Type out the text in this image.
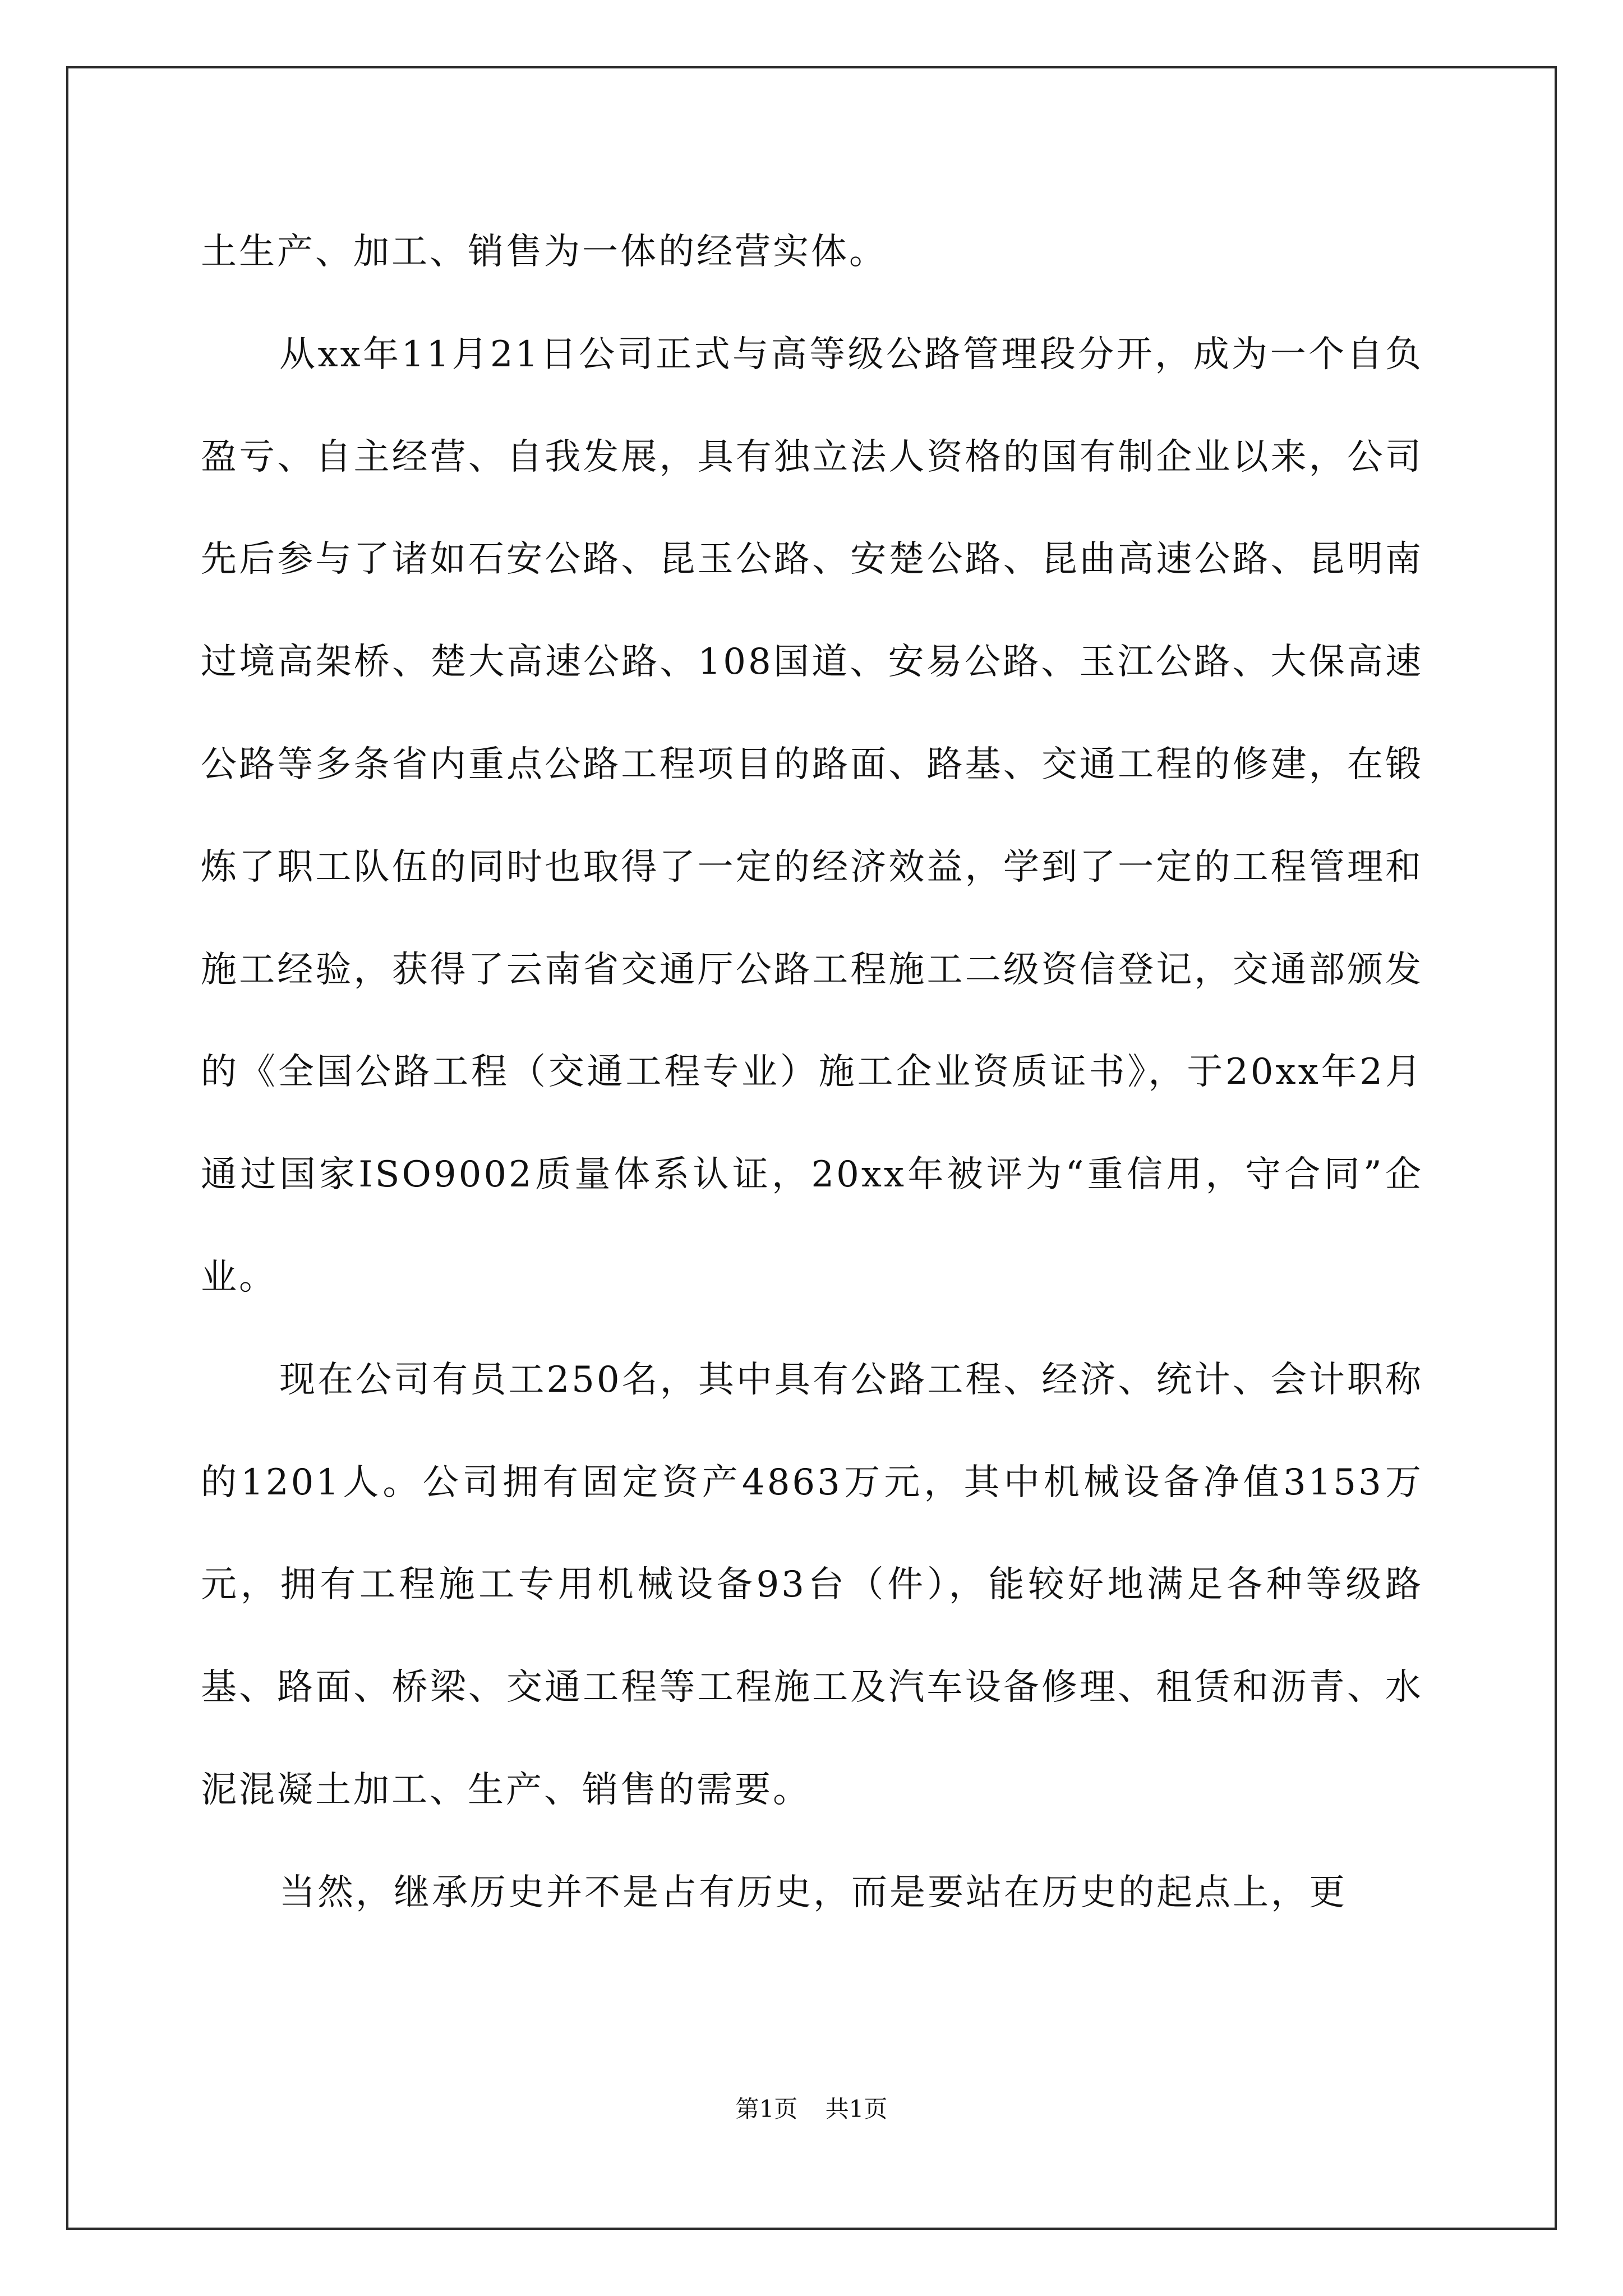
土生产、加工、销售为一体的经营实体。

从xx年11月21日公司正式与高等级公路管理段分开，成为一个自负盈亏、自主经营、自我发展，具有独立法人资格的国有制企业以来，公司先后参与了诸如石安公路、昆玉公路、安楚公路、昆曲高速公路、昆明南过境高架桥、楚大高速公路、108国道、安易公路、玉江公路、大保高速公路等多条省内重点公路工程项目的路面、路基、交通工程的修建，在锻炼了职工队伍的同时也取得了一定的经济效益，学到了一定的工程管理和施工经验，获得了云南省交通厅公路工程施工二级资信登记，交通部颁发的《全国公路工程（交通工程专业）施工企业资质证书》，于20xx年2月通过国家ISO9002质量体系认证，20xx年被评为“重信用，守合同”企业。

现在公司有员工250名，其中具有公路工程、经济、统计、会计职称的1201人。公司拥有固定资产4863万元，其中机械设备净值3153万元，拥有工程施工专用机械设备93台（件），能较好地满足各种等级路基、路面、桥梁、交通工程等工程施工及汽车设备修理、租赁和沥青、水泥混凝土加工、生产、销售的需要。

当然，继承历史并不是占有历史，而是要站在历史的起点上，更

第1页 共1页
